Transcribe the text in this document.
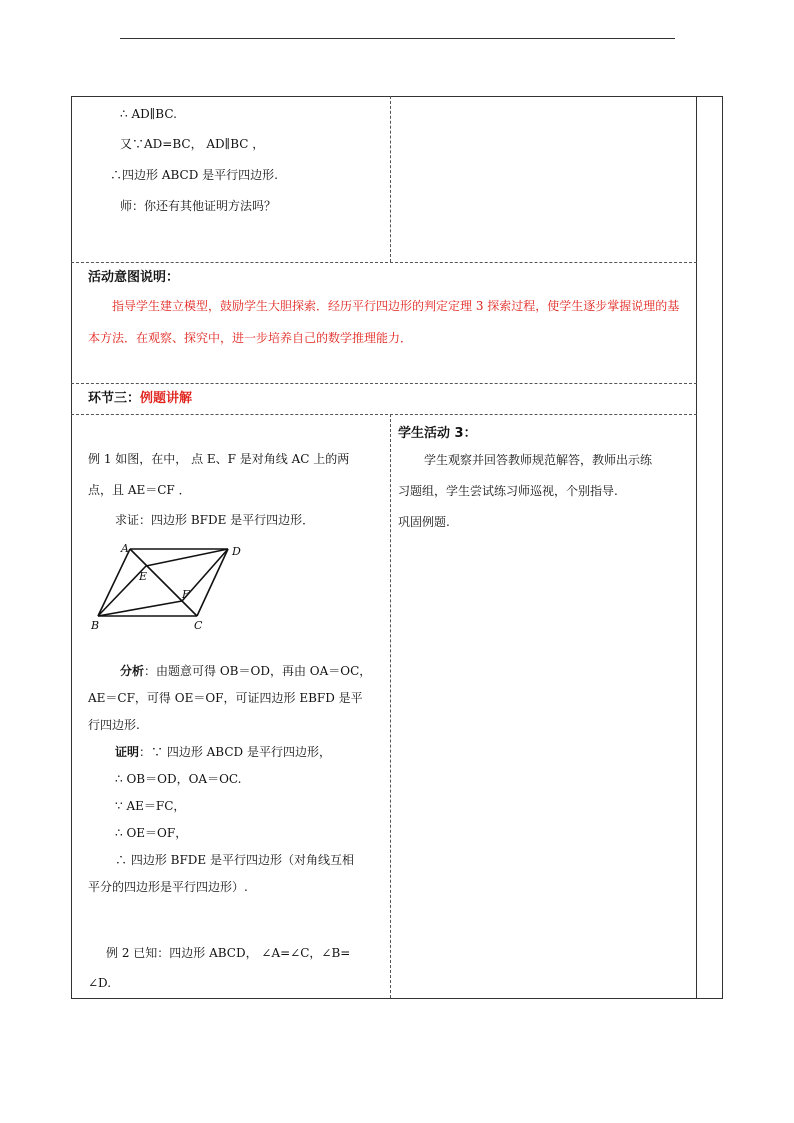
∴ AD∥BC.
又∵AD=BC， AD∥BC ，
∴四边形 ABCD 是平行四边形.
师：你还有其他证明方法吗？
活动意图说明：
指导学生建立模型，鼓励学生大胆探索．经历平行四边形的判定定理 3 探索过程，使学生逐步掌握说理的基本方法．在观察、探究中，进一步培养自己的数学推理能力．
环节三：例题讲解
例 1 如图，在中， 点 E、F 是对角线 AC 上的两
点，且 AE＝CF ．
求证：四边形 BFDE 是平行四边形．
A	D
E
F
B	C
分析：由题意可得 OB＝OD，再由 OA＝OC，
AE＝CF，可得 OE＝OF，可证四边形 EBFD 是平
行四边形.
证明：∵ 四边形 ABCD 是平行四边形，
∴ OB＝OD，OA＝OC.
∵ AE＝FC，
∴ OE＝OF，
∴ 四边形 BFDE 是平行四边形（对角线互相
平分的四边形是平行四边形）.
例 2 已知：四边形 ABCD， ∠A=∠C，∠B=
∠D.
学生活动 3：
学生观察并回答教师规范解答，教师出示练
习题组，学生尝试练习师巡视，个别指导.
巩固例题.
